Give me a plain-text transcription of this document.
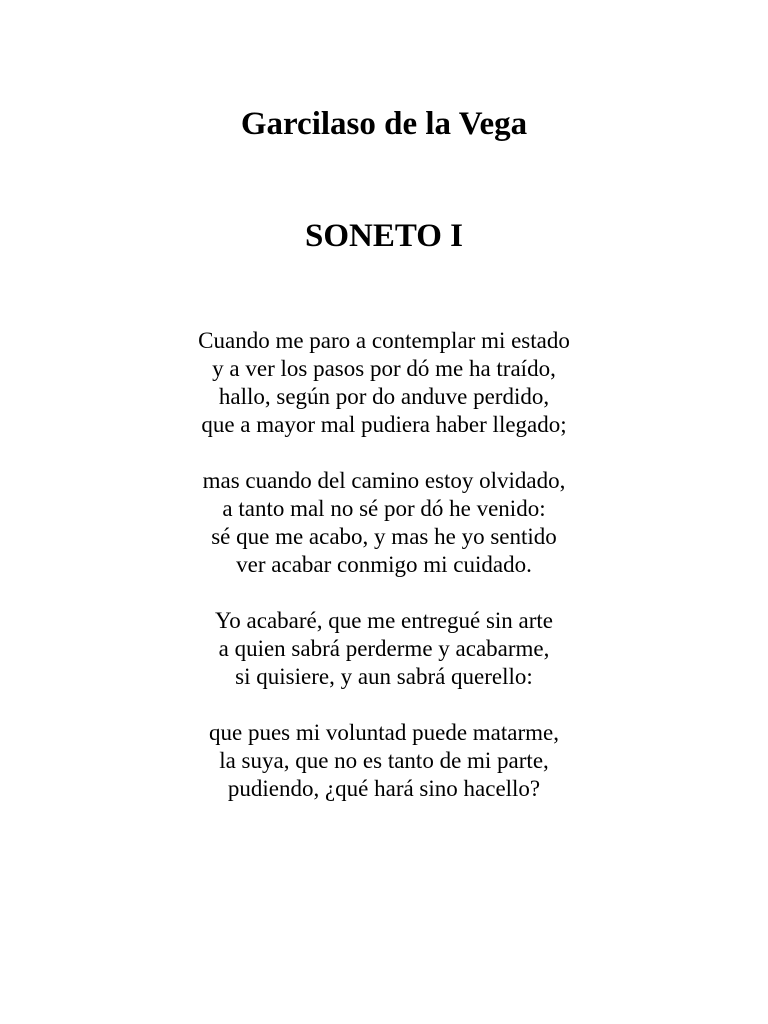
Garcilaso de la Vega
SONETO I
Cuando me paro a contemplar mi estado
y a ver los pasos por dó me ha traído,
hallo, según por do anduve perdido,
que a mayor mal pudiera haber llegado;
mas cuando del camino estoy olvidado,
a tanto mal no sé por dó he venido:
sé que me acabo, y mas he yo sentido
ver acabar conmigo mi cuidado.
Yo acabaré, que me entregué sin arte
a quien sabrá perderme y acabarme,
si quisiere, y aun sabrá querello:
que pues mi voluntad puede matarme,
la suya, que no es tanto de mi parte,
pudiendo, ¿qué hará sino hacello?
